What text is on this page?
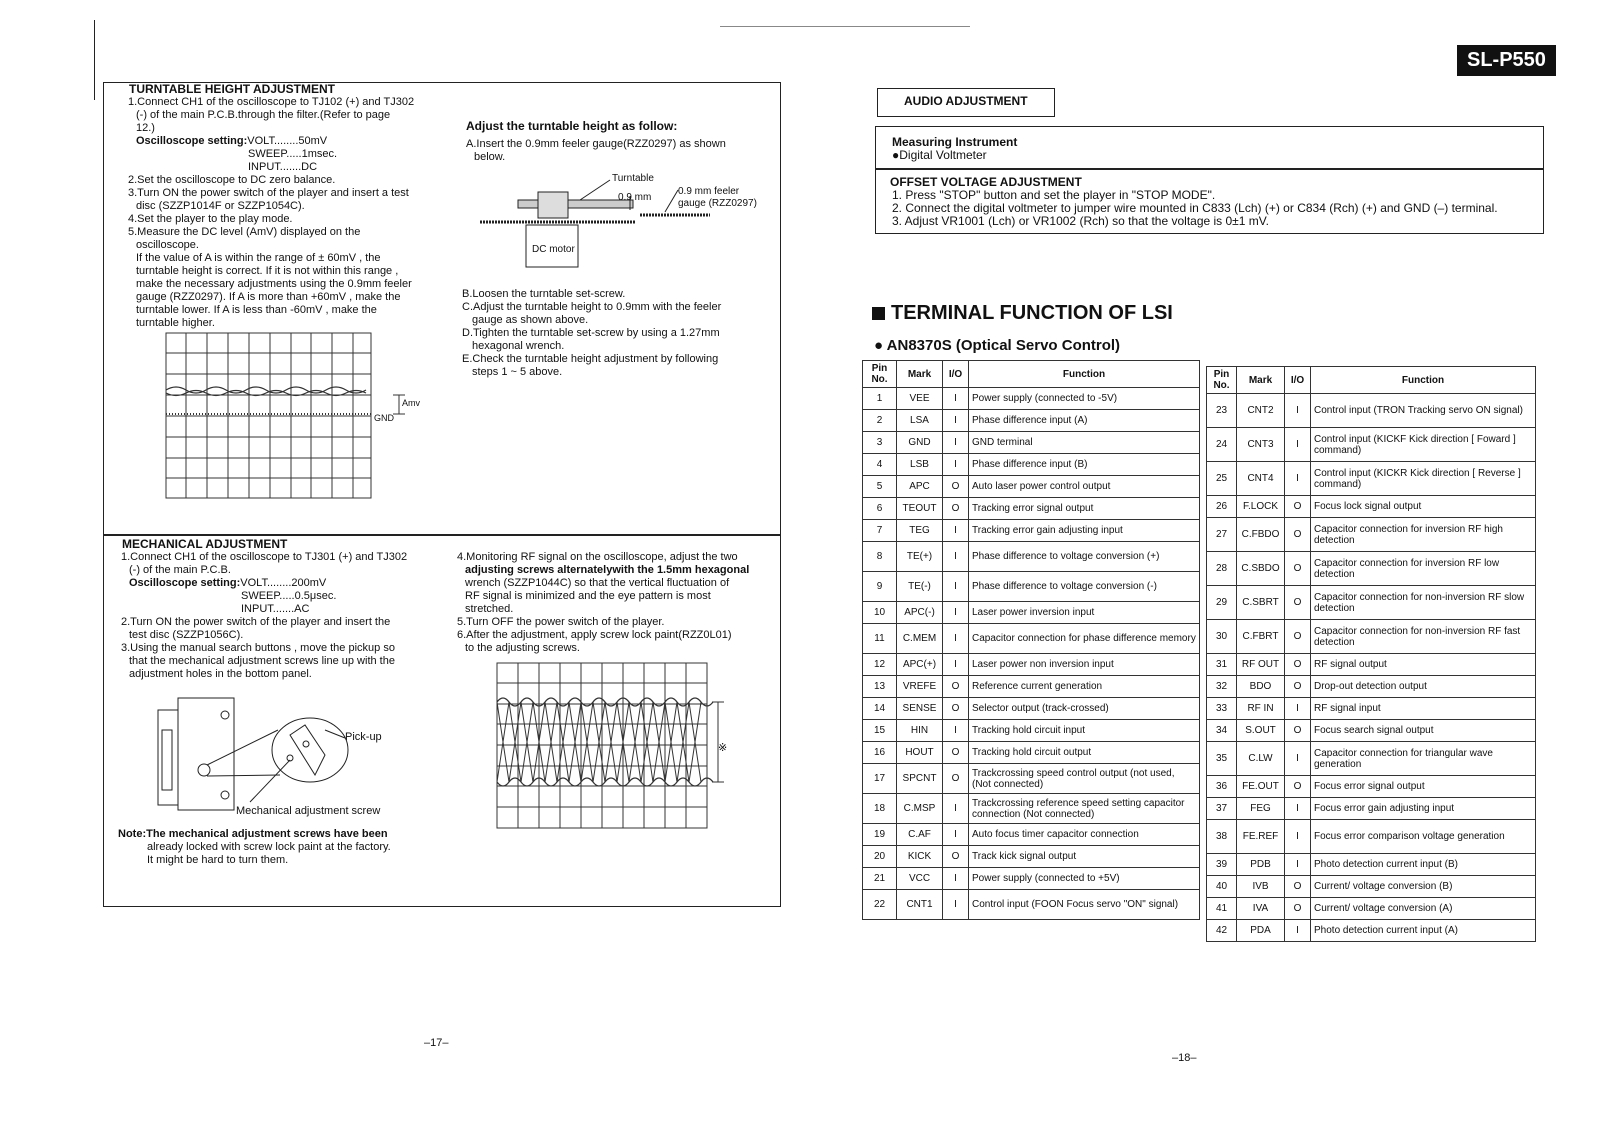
TURNTABLE HEIGHT ADJUSTMENT
1.Connect CH1 of the oscilloscope to TJ102 (+) and TJ302
(-) of the main P.C.B.through the filter.(Refer to page
12.)
Oscilloscope setting:VOLT........50mV
SWEEP.....1msec.
INPUT.......DC
2.Set the oscilloscope to DC zero balance.
3.Turn ON the power switch of the player and insert a test
disc (SZZP1014F or SZZP1054C).
4.Set the player to the play mode.
5.Measure the DC level (AmV) displayed on the
oscilloscope.
If the value of A is within the range of ± 60mV , the
turntable height is correct. If it is not within this range ,
make the necessary adjustments using the 0.9mm feeler
gauge (RZZ0297). If A is more than +60mV , make the
turntable lower. If A is less than -60mV , make the
turntable higher.
Amv
GND
Adjust the turntable height as follow:
A.Insert the 0.9mm feeler gauge(RZZ0297) as shown
below.
Turntable
0.9 mm
0.9 mm feeler
gauge (RZZ0297)
DC motor
B.Loosen the turntable set-screw.
C.Adjust the turntable height to 0.9mm with the feeler
gauge as shown above.
D.Tighten the turntable set-screw by using a 1.27mm
hexagonal wrench.
E.Check the turntable height adjustment by following
steps 1 ~ 5 above.
MECHANICAL ADJUSTMENT
1.Connect CH1 of the oscilloscope to TJ301 (+) and TJ302
(-) of the main P.C.B.
Oscilloscope setting:VOLT........200mV
SWEEP.....0.5μsec.
INPUT.......AC
2.Turn ON the power switch of the player and insert the
test disc (SZZP1056C).
3.Using the manual search buttons , move the pickup so
that the mechanical adjustment screws line up with the
adjustment holes in the bottom panel.
Pick-up
Mechanical adjustment screw
Note:The mechanical adjustment screws have been
already locked with screw lock paint at the factory.
It might be hard to turn them.
4.Monitoring RF signal on the oscilloscope, adjust the two
adjusting screws alternatelywith the 1.5mm hexagonal
wrench (SZZP1044C) so that the vertical fluctuation of
RF signal is minimized and the eye pattern is most
stretched.
5.Turn OFF the power switch of the player.
6.After the adjustment, apply screw lock paint(RZZ0L01)
to the adjusting screws.
※
–17–
SL-P550
AUDIO ADJUSTMENT
Measuring Instrument
●Digital Voltmeter
OFFSET VOLTAGE ADJUSTMENT
1. Press "STOP" button and set the player in "STOP MODE".
2. Connect the digital voltmeter to jumper wire mounted in C833 (Lch) (+) or C834 (Rch) (+) and GND (–) terminal.
3. Adjust VR1001 (Lch) or VR1002 (Rch) so that the voltage is 0±1 mV.
TERMINAL FUNCTION OF LSI
● AN8370S (Optical Servo Control)
Pin No.	Mark	I/O	Function
1	VEE	I	Power supply (connected to -5V)
2	LSA	I	Phase difference input (A)
3	GND	I	GND terminal
4	LSB	I	Phase difference input (B)
5	APC	O	Auto laser power control output
6	TEOUT	O	Tracking error signal output
7	TEG	I	Tracking error gain adjusting input
8	TE(+)	I	Phase difference to voltage conversion (+)
9	TE(-)	I	Phase difference to voltage conversion (-)
10	APC(-)	I	Laser power inversion input
11	C.MEM	I	Capacitor connection for phase difference memory
12	APC(+)	I	Laser power non inversion input
13	VREFE	O	Reference current generation
14	SENSE	O	Selector output (track-crossed)
15	HIN	I	Tracking hold circuit input
16	HOUT	O	Tracking hold circuit output
17	SPCNT	O	Trackcrossing speed control output (not used, (Not connected)
18	C.MSP	I	Trackcrossing reference speed setting capacitor connection (Not connected)
19	C.AF	I	Auto focus timer capacitor connection
20	KICK	O	Track kick signal output
21	VCC	I	Power supply (connected to +5V)
22	CNT1	I	Control input (FOON Focus servo "ON" signal)
Pin No.	Mark	I/O	Function
23	CNT2	I	Control input (TRON Tracking servo ON signal)
24	CNT3	I	Control input (KICKF Kick direction [ Foward ] command)
25	CNT4	I	Control input (KICKR Kick direction [ Reverse ] command)
26	F.LOCK	O	Focus lock signal output
27	C.FBDO	O	Capacitor connection for inversion RF high detection
28	C.SBDO	O	Capacitor connection for inversion RF low detection
29	C.SBRT	O	Capacitor connection for non-inversion RF slow detection
30	C.FBRT	O	Capacitor connection for non-inversion RF fast detection
31	RF OUT	O	RF signal output
32	BDO	O	Drop-out detection output
33	RF IN	I	RF signal input
34	S.OUT	O	Focus search signal output
35	C.LW	I	Capacitor connection for triangular wave generation
36	FE.OUT	O	Focus error signal output
37	FEG	I	Focus error gain adjusting input
38	FE.REF	I	Focus error comparison voltage generation
39	PDB	I	Photo detection current input (B)
40	IVB	O	Current/ voltage conversion (B)
41	IVA	O	Current/ voltage conversion (A)
42	PDA	I	Photo detection current input (A)
–18–
